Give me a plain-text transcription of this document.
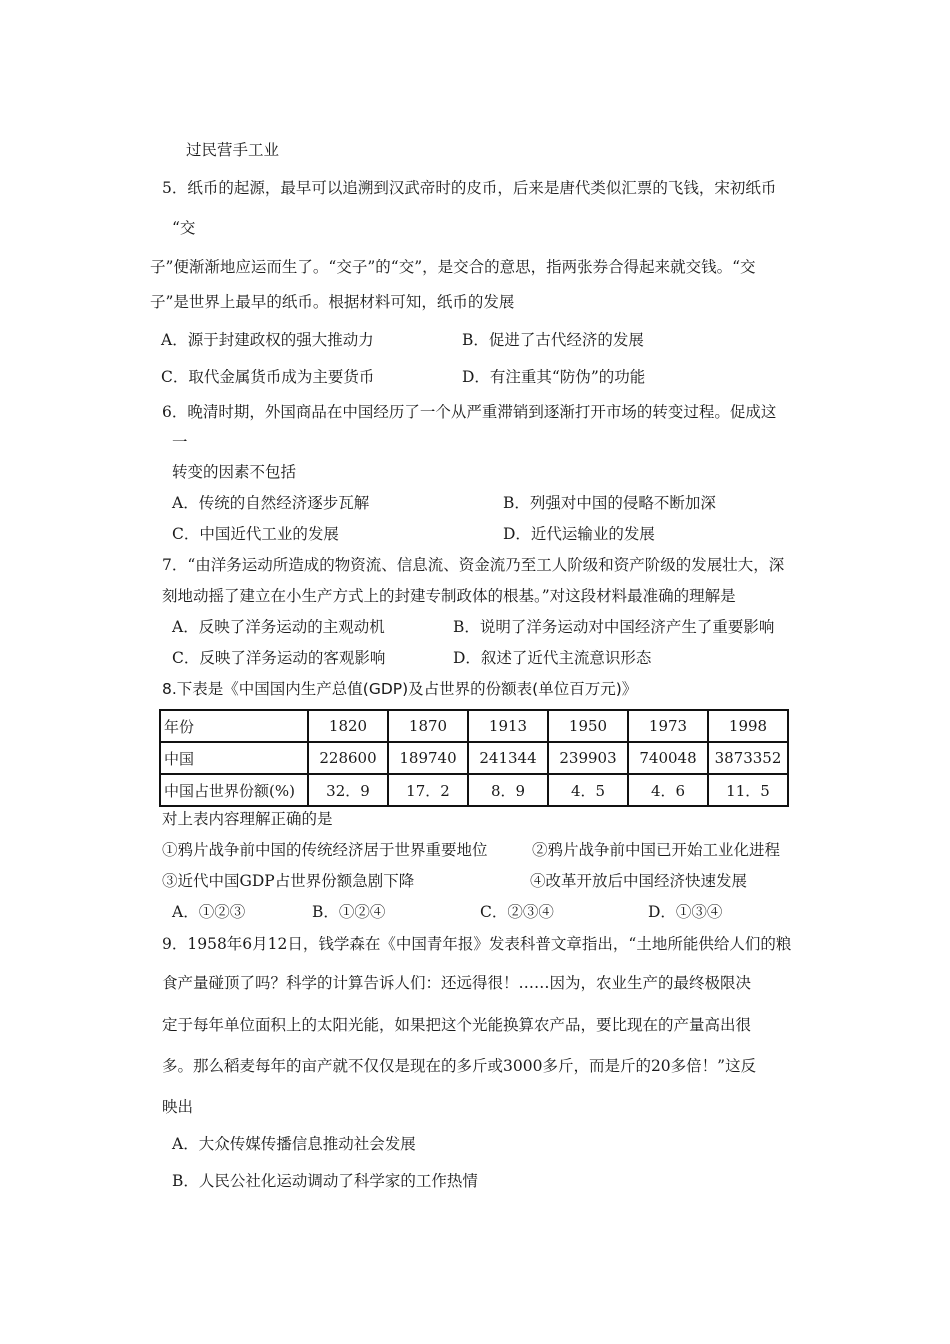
过民营手工业
5．纸币的起源，最早可以追溯到汉武帝时的皮币，后来是唐代类似汇票的飞钱，宋初纸币
“交
子”便渐渐地应运而生了。“交子”的“交”，是交合的意思，指两张券合得起来就交钱。“交
子”是世界上最早的纸币。根据材料可知，纸币的发展
A．源于封建政权的强大推动力	B．促进了古代经济的发展
C．取代金属货币成为主要货币	D．有注重其“防伪”的功能
6．晚清时期，外国商品在中国经历了一个从严重滞销到逐渐打开市场的转变过程。促成这
一
转变的因素不包括
A．传统的自然经济逐步瓦解	B．列强对中国的侵略不断加深
C．中国近代工业的发展	D．近代运输业的发展
7．“由洋务运动所造成的物资流、信息流、资金流乃至工人阶级和资产阶级的发展壮大，深
刻地动摇了建立在小生产方式上的封建专制政体的根基。”对这段材料最准确的理解是
A．反映了洋务运动的主观动机	B．说明了洋务运动对中国经济产生了重要影响
C．反映了洋务运动的客观影响	D．叙述了近代主流意识形态
8.下表是《中国国内生产总值(GDP)及占世界的份额表(单位百万元)》
年份	1820	1870	1913	1950	1973	1998
中国	228600	189740	241344	239903	740048	3873352
中国占世界份额(%)	32．9	17．2	8．9	4．5	4．6	11．5
对上表内容理解正确的是
①鸦片战争前中国的传统经济居于世界重要地位	②鸦片战争前中国已开始工业化进程
③近代中国GDP占世界份额急剧下降	④改革开放后中国经济快速发展
A．①②③	B．①②④	C．②③④	D．①③④
9．1958年6月12日，钱学森在《中国青年报》发表科普文章指出，“土地所能供给人们的粮
食产量碰顶了吗？科学的计算告诉人们：还远得很！……因为，农业生产的最终极限决
定于每年单位面积上的太阳光能，如果把这个光能换算农产品，要比现在的产量高出很
多。那么稻麦每年的亩产就不仅仅是现在的多斤或3000多斤，而是斤的20多倍！”这反
映出
A．大众传媒传播信息推动社会发展
B．人民公社化运动调动了科学家的工作热情
